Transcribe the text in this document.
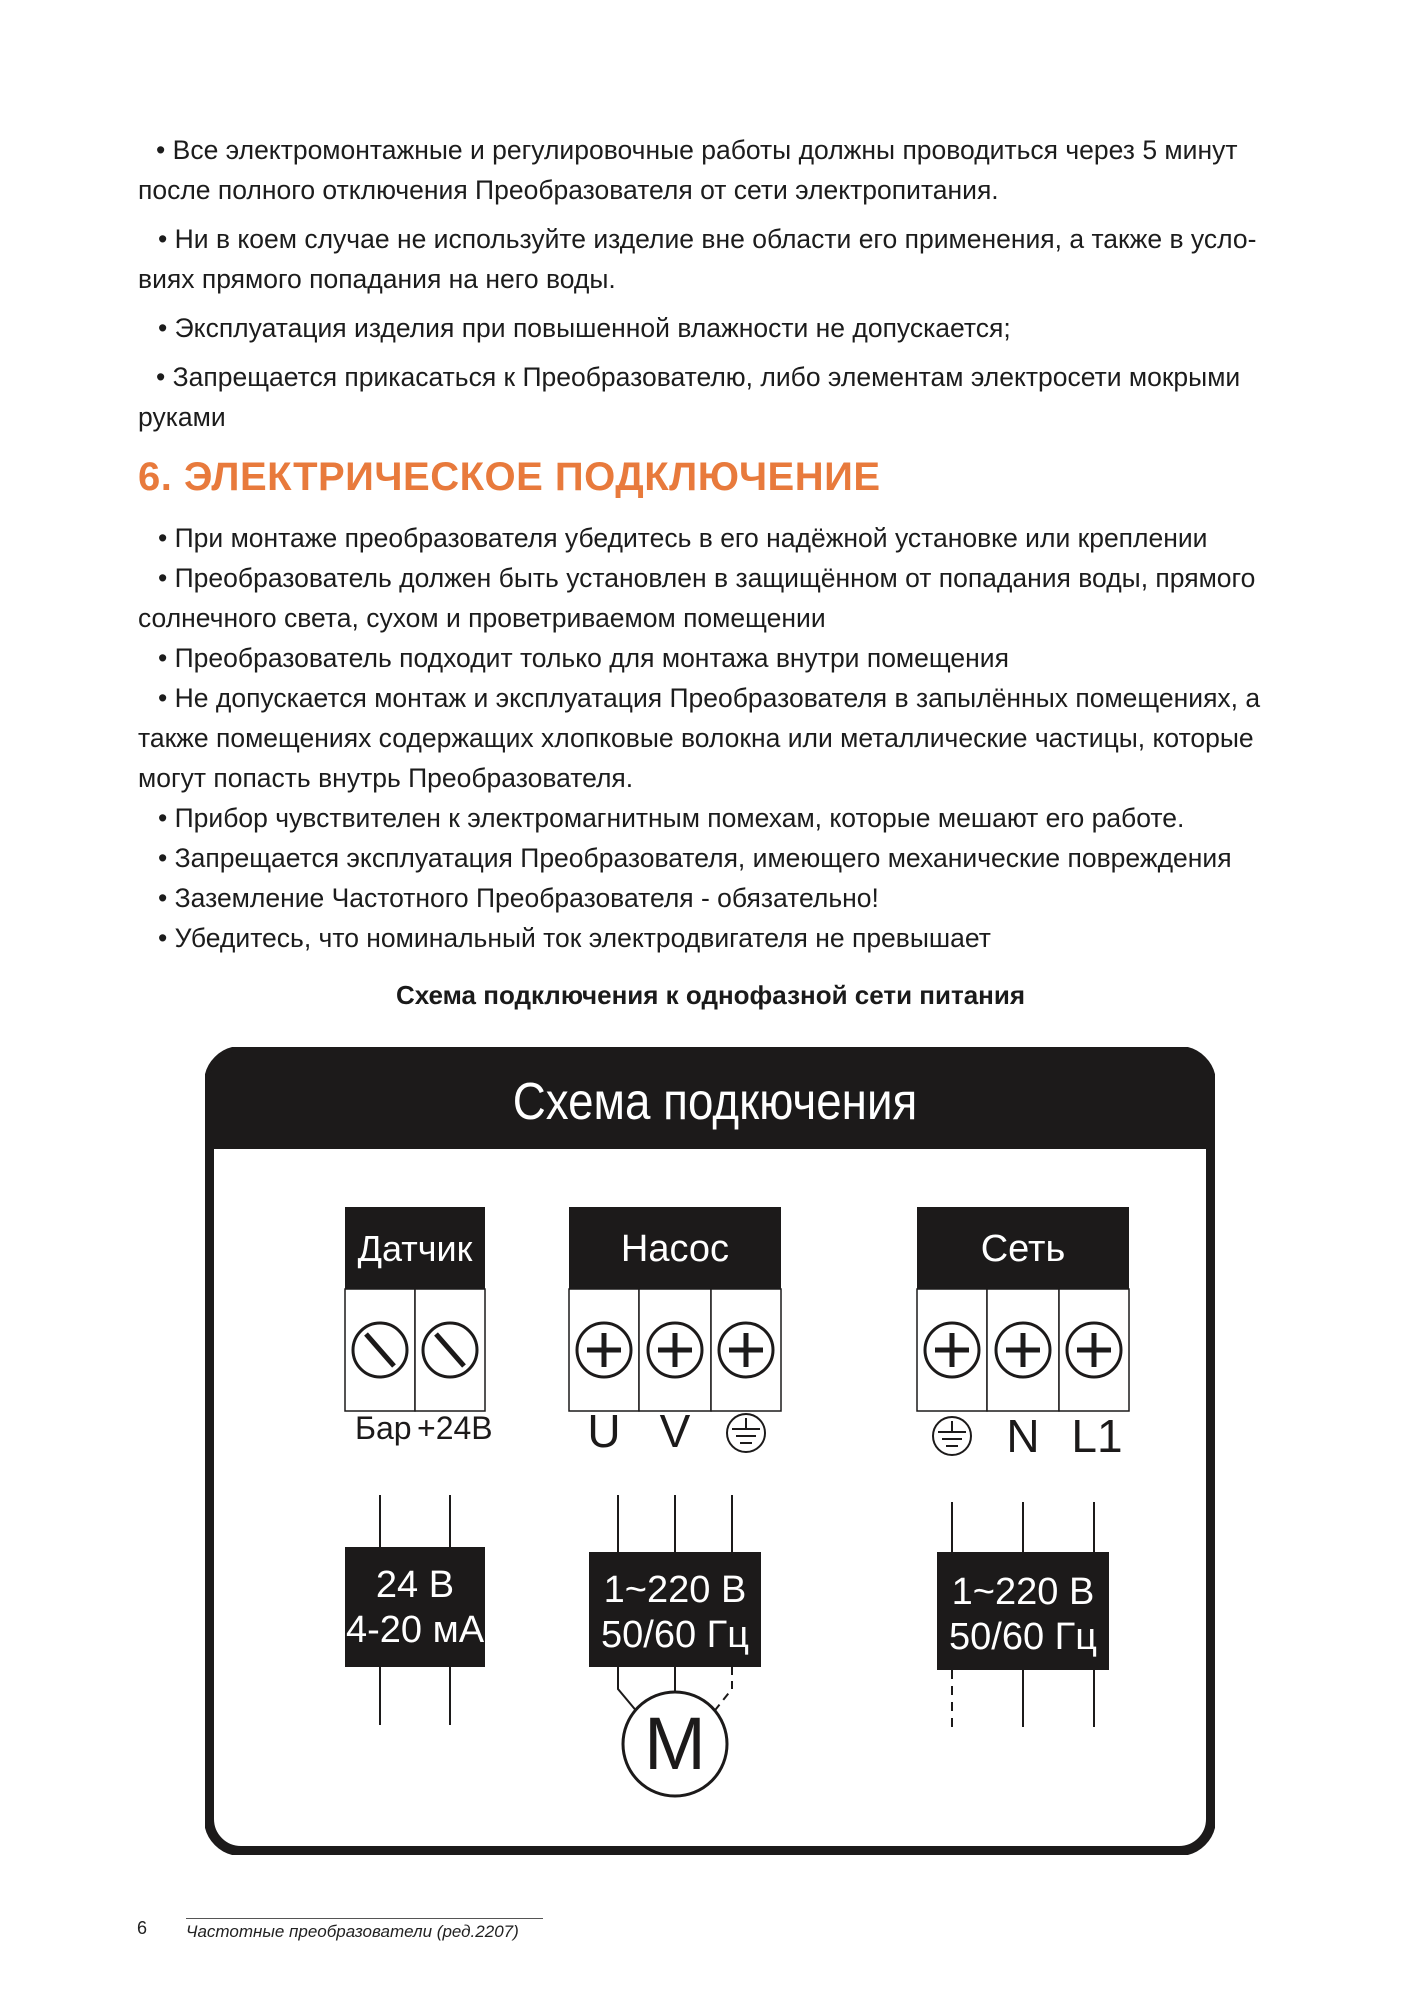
• Все электромонтажные и регулировочные работы должны проводиться через 5 минут после полного отключения Преобразователя от сети электропитания.

• Ни в коем случае не используйте изделие вне области его применения, а также в усло- виях прямого попадания на него воды.

• Эксплуатация изделия при повышенной влажности не допускается;

• Запрещается прикасаться к Преобразователю, либо элементам электросети мокрыми руками

6. ЭЛЕКТРИЧЕСКОЕ ПОДКЛЮЧЕНИЕ

• При монтаже преобразователя убедитесь в его надёжной установке или креплении

• Преобразователь должен быть установлен в защищённом от попадания воды, прямого солнечного света, сухом и проветриваемом помещении

• Преобразователь подходит только для монтажа внутри помещения

• Не допускается монтаж и эксплуатация Преобразователя в запылённых помещениях, а также помещениях содержащих хлопковые волокна или металлические частицы, которые могут попасть внутрь Преобразователя.

• Прибор чувствителен к электромагнитным помехам, которые мешают его работе.

• Запрещается эксплуатация Преобразователя, имеющего механические повреждения

• Заземление Частотного Преобразователя - обязательно!

• Убедитесь, что номинальный ток электродвигателя не превышает

Схема подключения к однофазной сети питания
Схема подкючения
Датчик
Бар +24В
24 В
4-20 мА
Насос
U V
1~220 В
50/60 Гц
M
Сеть
N L1
1~220 В
50/60 Гц
6 Частотные преобразователи (ред.2207)
